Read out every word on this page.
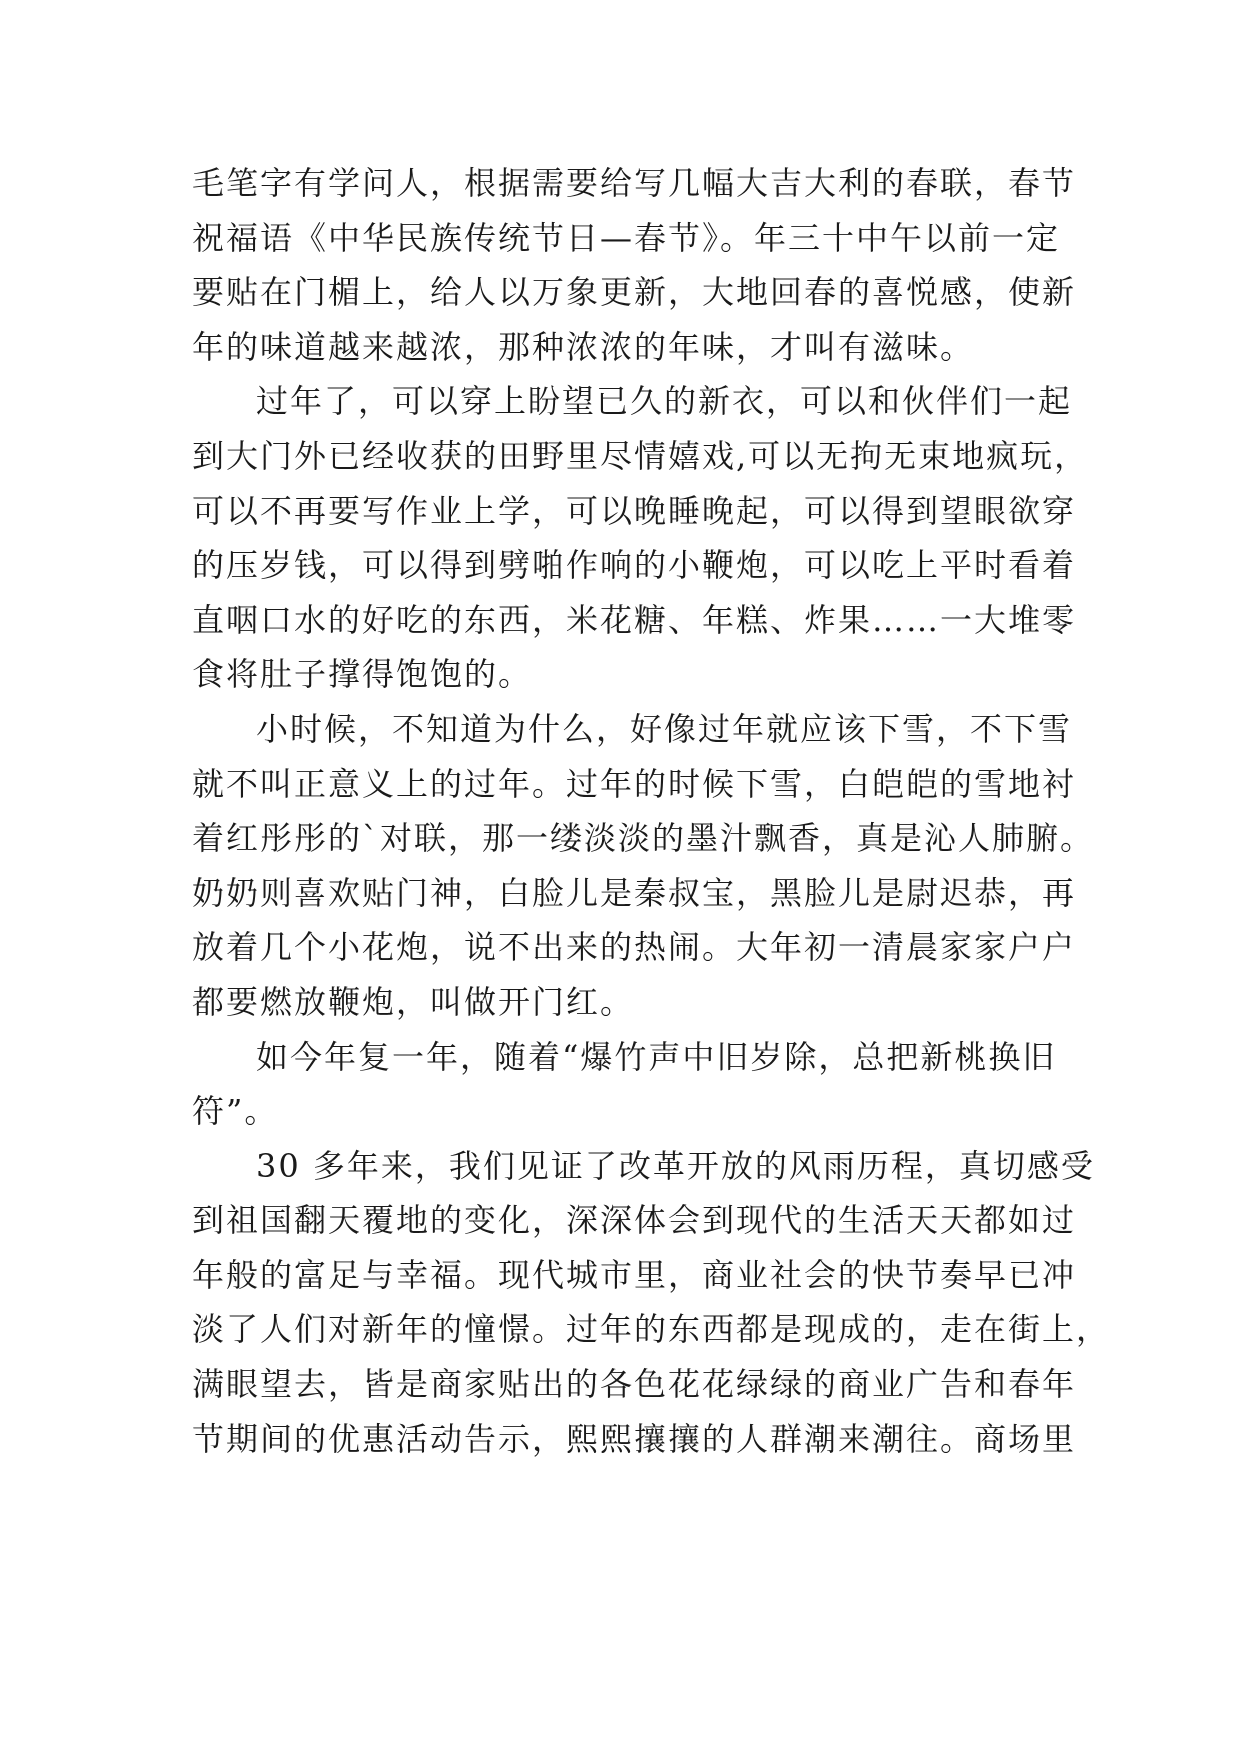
毛笔字有学问人，根据需要给写几幅大吉大利的春联，春节
祝福语《中华民族传统节日—春节》。年三十中午以前一定
要贴在门楣上，给人以万象更新，大地回春的喜悦感，使新
年的味道越来越浓，那种浓浓的年味，才叫有滋味。
过年了，可以穿上盼望已久的新衣，可以和伙伴们一起
到大门外已经收获的田野里尽情嬉戏,可以无拘无束地疯玩，
可以不再要写作业上学，可以晚睡晚起，可以得到望眼欲穿
的压岁钱，可以得到劈啪作响的小鞭炮，可以吃上平时看着
直咽口水的好吃的东西，米花糖、年糕、炸果……一大堆零
食将肚子撑得饱饱的。
小时候，不知道为什么，好像过年就应该下雪，不下雪
就不叫正意义上的过年。过年的时候下雪，白皑皑的雪地衬
着红彤彤的`对联，那一缕淡淡的墨汁飘香，真是沁人肺腑。
奶奶则喜欢贴门神，白脸儿是秦叔宝，黑脸儿是尉迟恭，再
放着几个小花炮，说不出来的热闹。大年初一清晨家家户户
都要燃放鞭炮，叫做开门红。
如今年复一年，随着“爆竹声中旧岁除，总把新桃换旧
符”。
30 多年来，我们见证了改革开放的风雨历程，真切感受
到祖国翻天覆地的变化，深深体会到现代的生活天天都如过
年般的富足与幸福。现代城市里，商业社会的快节奏早已冲
淡了人们对新年的憧憬。过年的东西都是现成的，走在街上，
满眼望去，皆是商家贴出的各色花花绿绿的商业广告和春年
节期间的优惠活动告示，熙熙攘攘的人群潮来潮往。商场里
